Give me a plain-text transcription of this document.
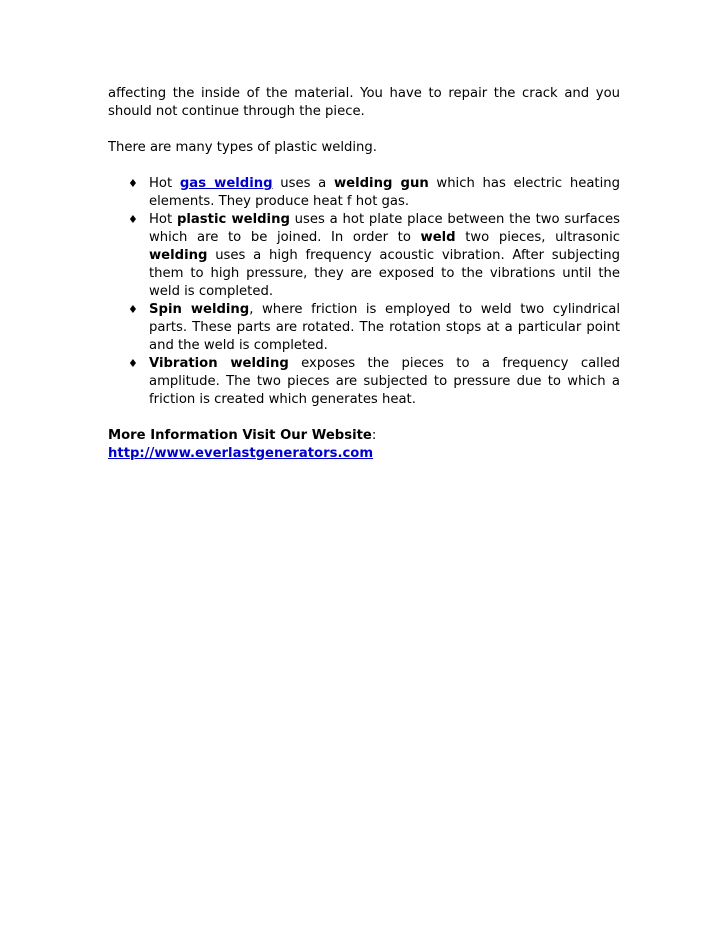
affecting the inside of the material. You have to repair the crack and you should not continue through the piece.

There are many types of plastic welding.

♦ Hot gas welding uses a welding gun which has electric heating elements. They produce heat f hot gas.
♦ Hot plastic welding uses a hot plate place between the two surfaces which are to be joined. In order to weld two pieces, ultrasonic welding uses a high frequency acoustic vibration. After subjecting them to high pressure, they are exposed to the vibrations until the weld is completed.
♦ Spin welding, where friction is employed to weld two cylindrical parts. These parts are rotated. The rotation stops at a particular point and the weld is completed.
♦ Vibration welding exposes the pieces to a frequency called amplitude. The two pieces are subjected to pressure due to which a friction is created which generates heat.

More Information Visit Our Website:

http://www.everlastgenerators.com
